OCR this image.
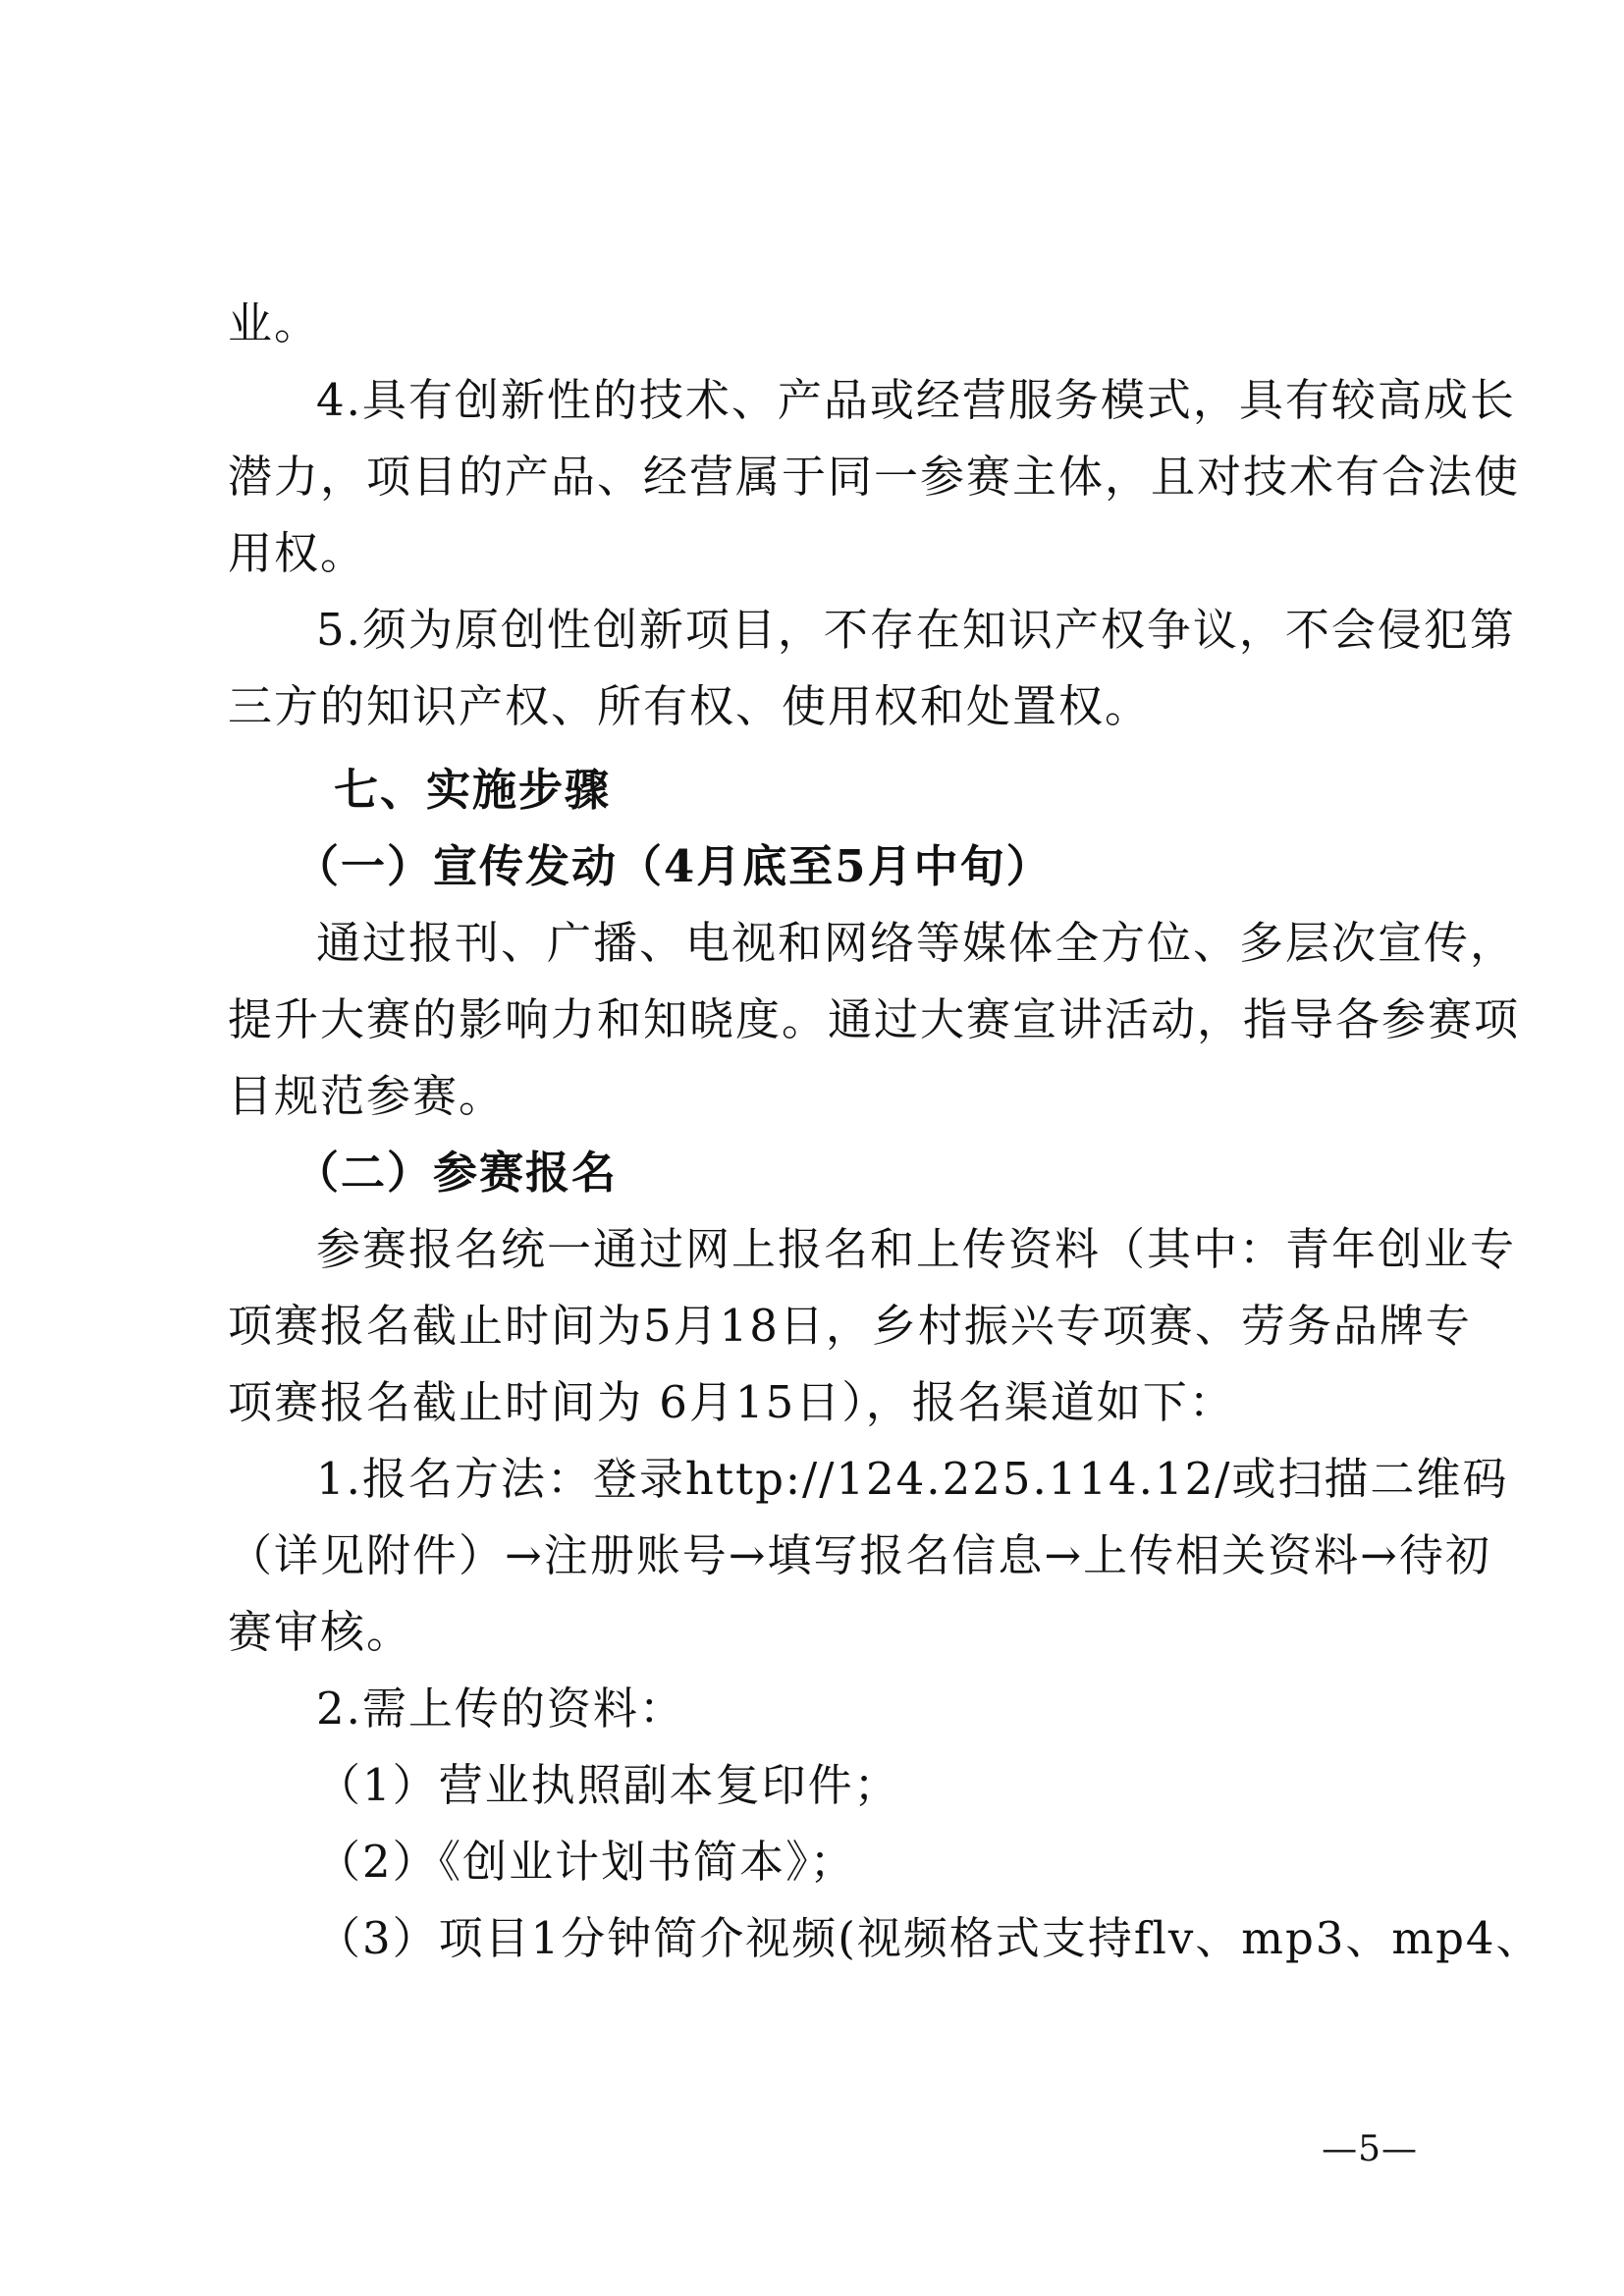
业。
4.具有创新性的技术、产品或经营服务模式，具有较高成长
潜力，项目的产品、经营属于同一参赛主体，且对技术有合法使
用权。
5.须为原创性创新项目，不存在知识产权争议，不会侵犯第
三方的知识产权、所有权、使用权和处置权。
七、实施步骤
（一）宣传发动（4月底至5月中旬）
通过报刊、广播、电视和网络等媒体全方位、多层次宣传，
提升大赛的影响力和知晓度。通过大赛宣讲活动，指导各参赛项
目规范参赛。
（二）参赛报名
参赛报名统一通过网上报名和上传资料（其中：青年创业专
项赛报名截止时间为5月18日，乡村振兴专项赛、劳务品牌专
项赛报名截止时间为 6月15日），报名渠道如下：
1.报名方法：登录http://124.225.114.12/或扫描二维码
（详见附件）→注册账号→填写报名信息→上传相关资料→待初
赛审核。
2.需上传的资料：
（1）营业执照副本复印件；
（2）《创业计划书简本》；
（3）项目1分钟简介视频(视频格式支持flv、mp3、mp4、
—5—
